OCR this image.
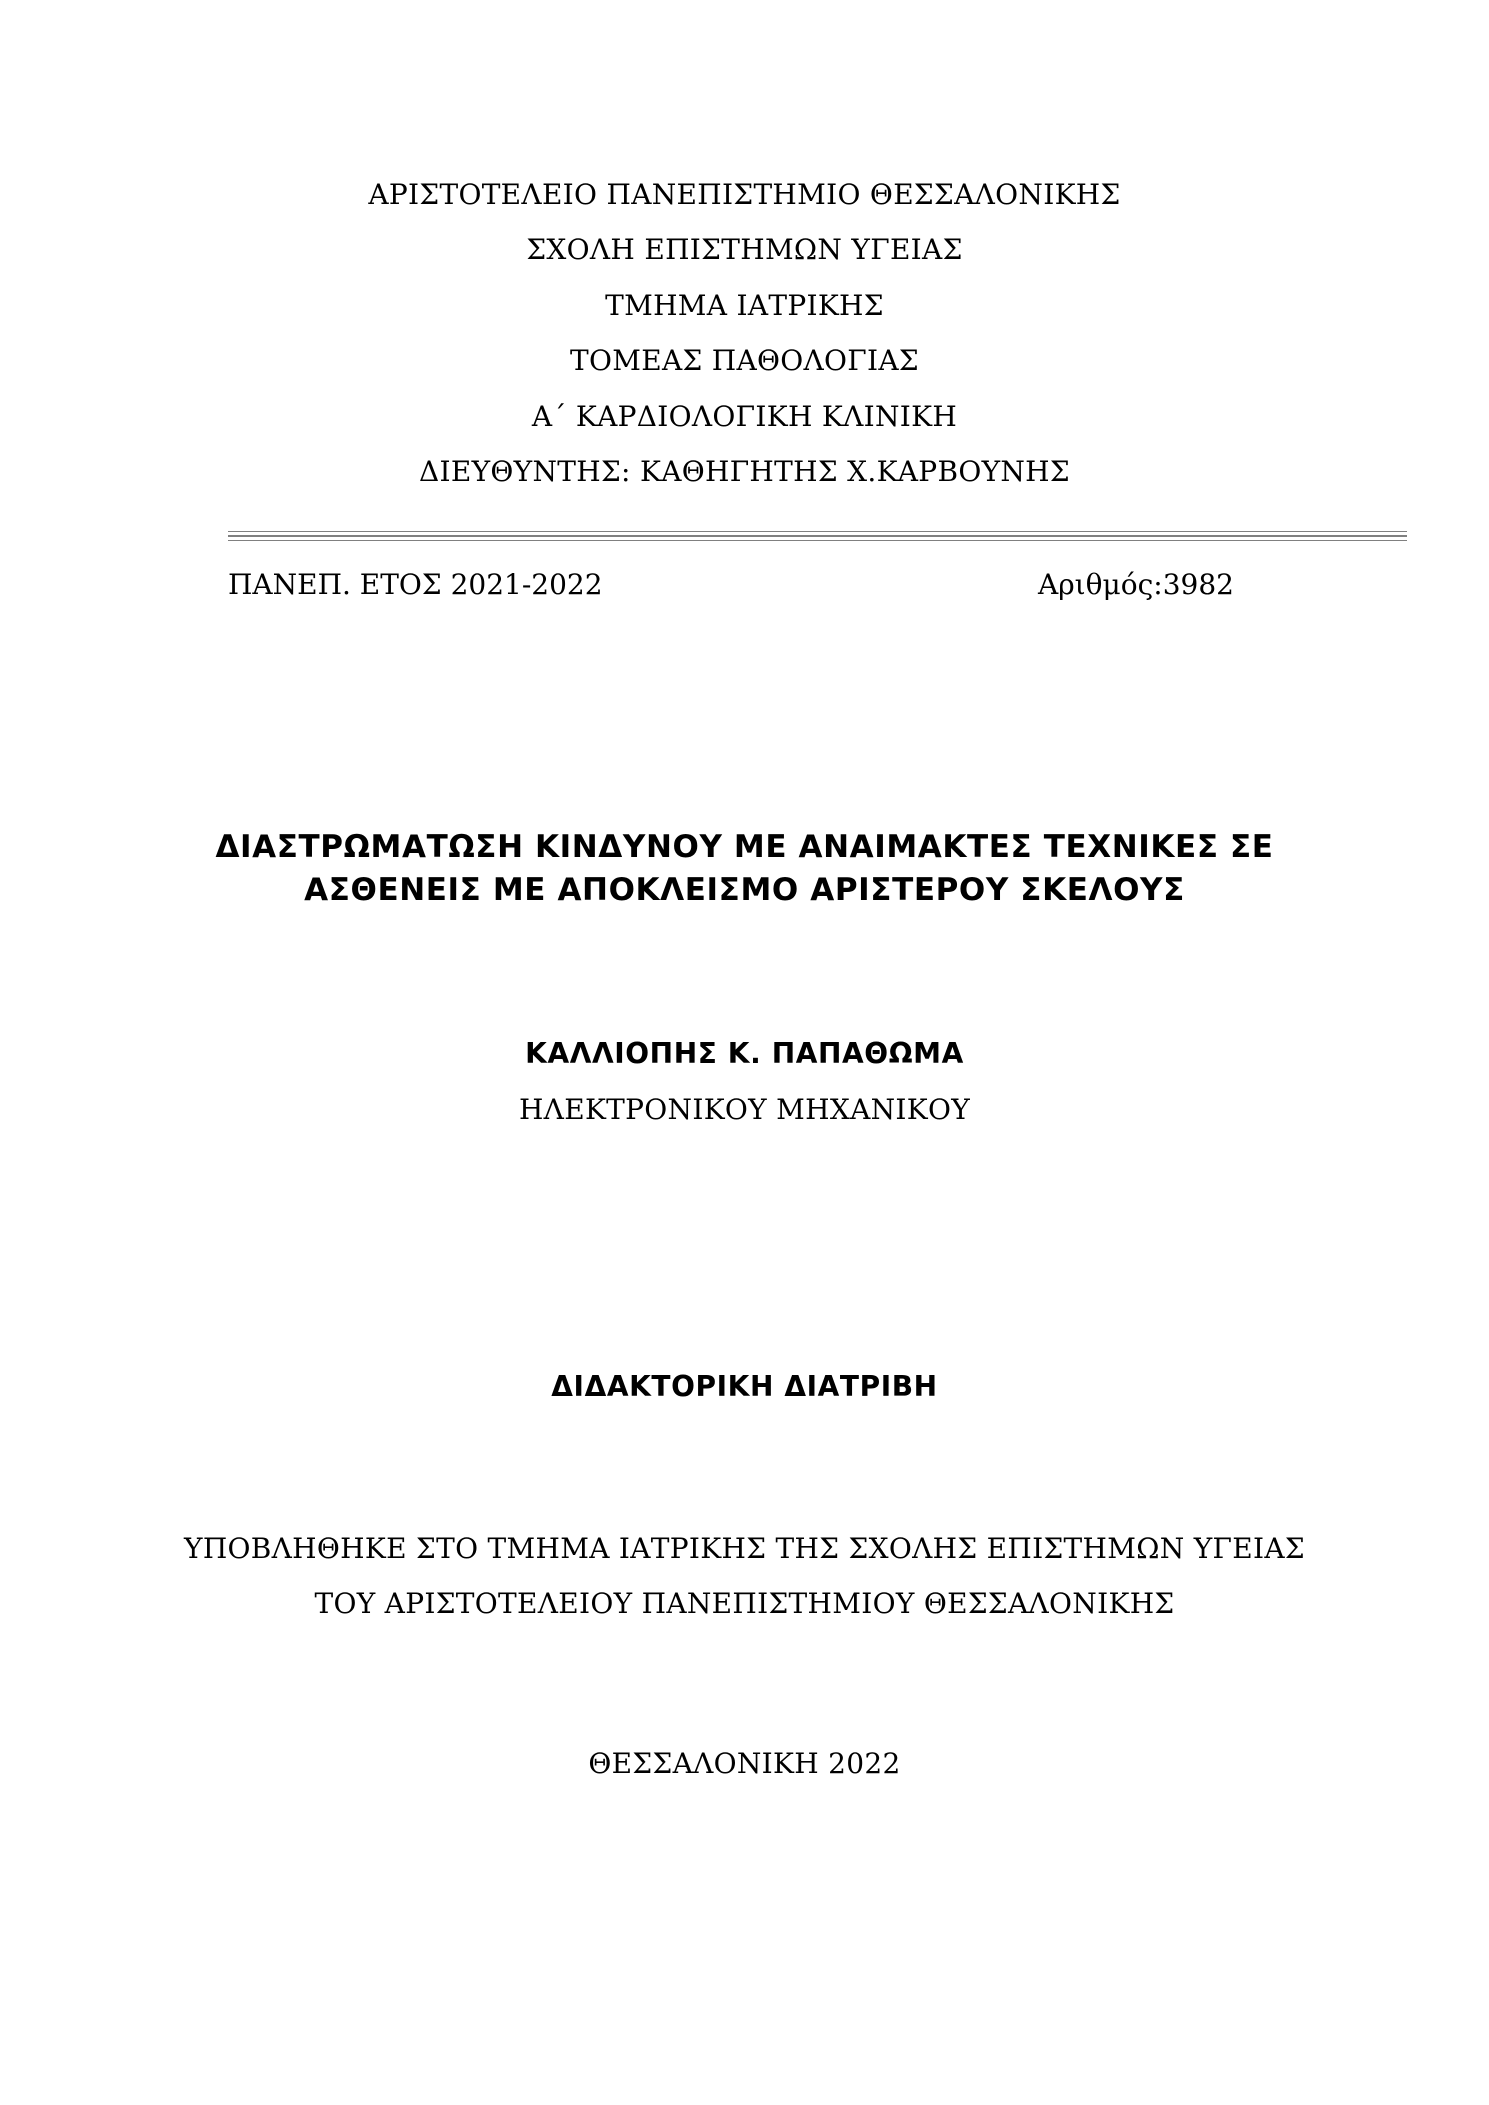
ΑΡΙΣΤΟΤΕΛΕΙΟ ΠΑΝΕΠΙΣΤΗΜΙΟ ΘΕΣΣΑΛΟΝΙΚΗΣ
ΣΧΟΛΗ ΕΠΙΣΤΗΜΩΝ ΥΓΕΙΑΣ
ΤΜΗΜΑ ΙΑΤΡΙΚΗΣ
ΤΟΜΕΑΣ ΠΑΘΟΛΟΓΙΑΣ
Α΄ ΚΑΡΔΙΟΛΟΓΙΚΗ ΚΛΙΝΙΚΗ
ΔΙΕΥΘΥΝΤΗΣ: ΚΑΘΗΓΗΤΗΣ Χ.ΚΑΡΒΟΥΝΗΣ
ΠΑΝΕΠ. ΕΤΟΣ 2021-2022	Αριθμός:3982
ΔΙΑΣΤΡΩΜΑΤΩΣΗ ΚΙΝΔΥΝΟΥ ΜΕ ΑΝΑΙΜΑΚΤΕΣ ΤΕΧΝΙΚΕΣ ΣΕ
ΑΣΘΕΝΕΙΣ ΜΕ ΑΠΟΚΛΕΙΣΜΟ ΑΡΙΣΤΕΡΟΥ ΣΚΕΛΟΥΣ
ΚΑΛΛΙΟΠΗΣ Κ. ΠΑΠΑΘΩΜΑ
ΗΛΕΚΤΡΟΝΙΚΟΥ ΜΗΧΑΝΙΚΟΥ
ΔΙΔΑΚΤΟΡΙΚΗ ΔΙΑΤΡΙΒΗ
ΥΠΟΒΛΗΘΗΚΕ ΣΤΟ ΤΜΗΜΑ ΙΑΤΡΙΚΗΣ ΤΗΣ ΣΧΟΛΗΣ ΕΠΙΣΤΗΜΩΝ ΥΓΕΙΑΣ
ΤΟΥ ΑΡΙΣΤΟΤΕΛΕΙΟΥ ΠΑΝΕΠΙΣΤΗΜΙΟΥ ΘΕΣΣΑΛΟΝΙΚΗΣ
ΘΕΣΣΑΛΟΝΙΚΗ 2022
